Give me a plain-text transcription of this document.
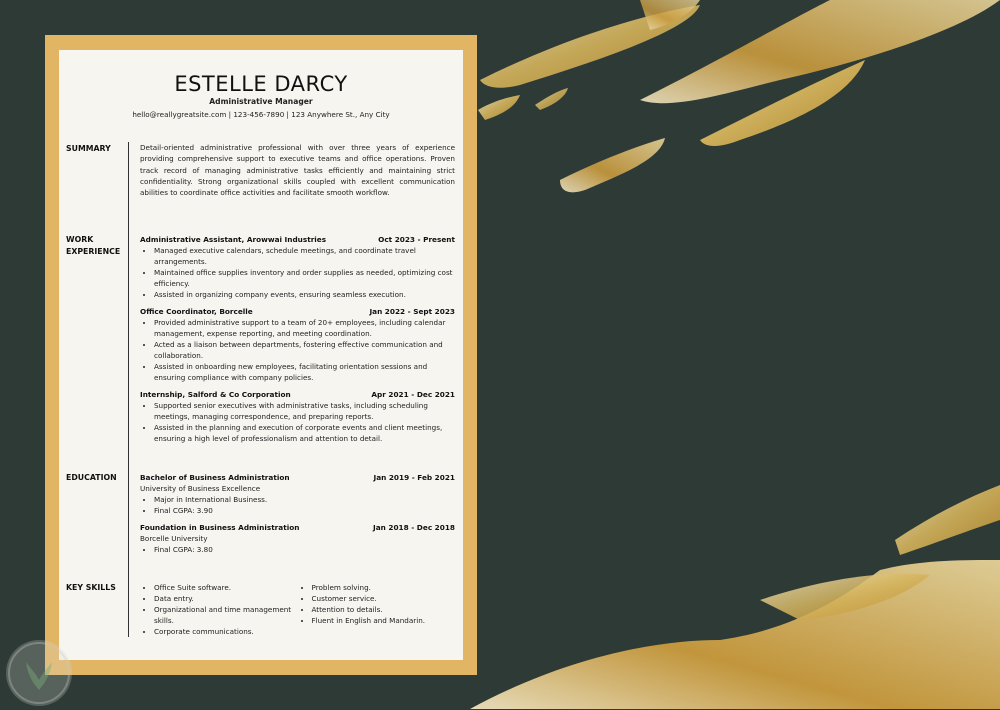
ESTELLE DARCY
Administrative Manager
hello@reallygreatsite.com | 123-456-7890 | 123 Anywhere St., Any City
SUMMARY	Detail-oriented administrative professional with over three years of experience providing comprehensive support to executive teams and office operations. Proven track record of managing administrative tasks efficiently and maintaining strict confidentiality. Strong organizational skills coupled with excellent communication abilities to coordinate office activities and facilitate smooth workflow.
WORK
EXPERIENCE
Administrative Assistant, Arowwai Industries	Oct 2023 - Present
• Managed executive calendars, schedule meetings, and coordinate travel arrangements.
• Maintained office supplies inventory and order supplies as needed, optimizing cost efficiency.
• Assisted in organizing company events, ensuring seamless execution.
Office Coordinator, Borcelle	Jan 2022 - Sept 2023
• Provided administrative support to a team of 20+ employees, including calendar management, expense reporting, and meeting coordination.
• Acted as a liaison between departments, fostering effective communication and collaboration.
• Assisted in onboarding new employees, facilitating orientation sessions and ensuring compliance with company policies.
Internship, Salford & Co Corporation	Apr 2021 - Dec 2021
• Supported senior executives with administrative tasks, including scheduling meetings, managing correspondence, and preparing reports.
• Assisted in the planning and execution of corporate events and client meetings, ensuring a high level of professionalism and attention to detail.
EDUCATION	Bachelor of Business Administration	Jan 2019 - Feb 2021
University of Business Excellence
• Major in International Business.
• Final CGPA: 3.90
Foundation in Business Administration	Jan 2018 - Dec 2018
Borcelle University
• Final CGPA: 3.80
KEY SKILLS
•	Office Suite software.
• Data entry.
• Organizational and time management skills.
• Corporate communications.
• Problem solving.
• Customer service.
• Attention to details.
• Fluent in English and Mandarin.
